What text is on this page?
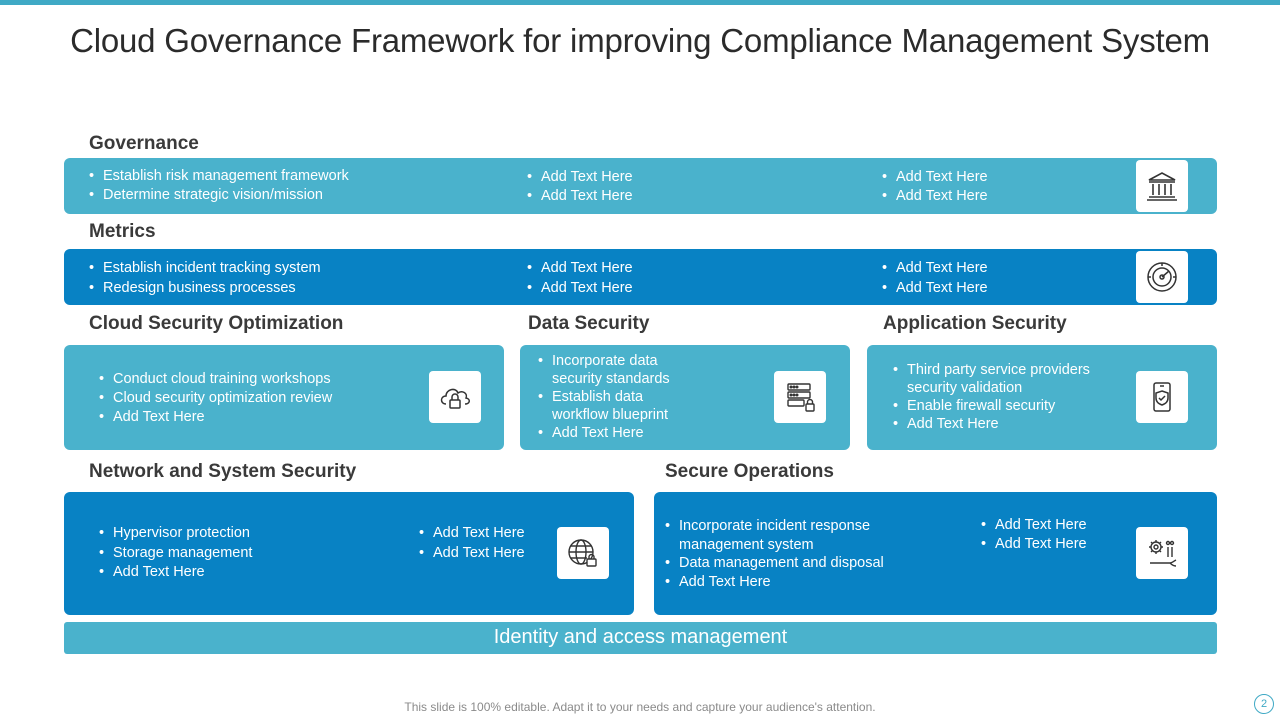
Cloud Governance Framework for improving Compliance Management System
Governance
• Establish risk management framework
• Determine strategic vision/mission
• Add Text Here
• Add Text Here
• Add Text Here
• Add Text Here
Metrics
• Establish incident tracking system
• Redesign business processes
• Add Text Here
• Add Text Here
• Add Text Here
• Add Text Here
Cloud Security Optimization
• Conduct cloud training workshops
• Cloud security optimization review
• Add Text Here
Data Security
• Incorporate data security standards
• Establish data workflow blueprint
• Add Text Here
Application Security
• Third party service providers security validation
• Enable firewall security
• Add Text Here
Network and System Security
• Hypervisor protection
• Storage management
• Add Text Here
• Add Text Here
• Add Text Here
Secure Operations
• Incorporate incident response management system
• Data management and disposal
• Add Text Here
• Add Text Here
• Add Text Here
Identity and access management
This slide is 100% editable. Adapt it to your needs and capture your audience's attention.	2
